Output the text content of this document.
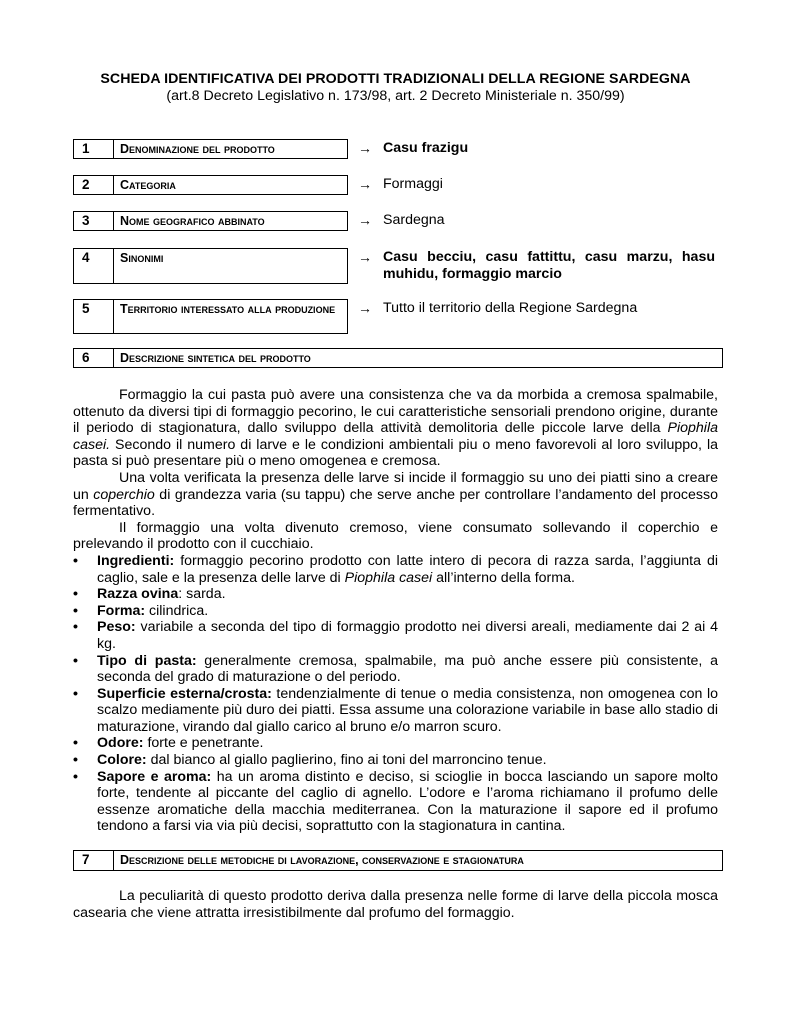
SCHEDA IDENTIFICATIVA DEI PRODOTTI TRADIZIONALI DELLA REGIONE SARDEGNA
(art.8 Decreto Legislativo n. 173/98, art. 2 Decreto Ministeriale n. 350/99)
1	Denominazione del prodotto	→ Casu frazigu
2	Categoria	→ Formaggi
3	Nome geografico abbinato	→ Sardegna
4	Sinonimi	→ Casu becciu, casu fattittu, casu marzu, hasu muhidu, formaggio marcio
5	Territorio interessato alla produzione	→ Tutto il territorio della Regione Sardegna
6	Descrizione sintetica del prodotto

Formaggio la cui pasta può avere una consistenza che va da morbida a cremosa spalmabile, ottenuto da diversi tipi di formaggio pecorino, le cui caratteristiche sensoriali prendono origine, durante il periodo di stagionatura, dallo sviluppo della attività demolitoria delle piccole larve della Piophila casei. Secondo il numero di larve e le condizioni ambientali piu o meno favorevoli al loro sviluppo, la pasta si può presentare più o meno omogenea e cremosa.

Una volta verificata la presenza delle larve si incide il formaggio su uno dei piatti sino a creare un coperchio di grandezza varia (su tappu) che serve anche per controllare l’andamento del processo fermentativo.

Il formaggio una volta divenuto cremoso, viene consumato sollevando il coperchio e prelevando il prodotto con il cucchiaio.

• Ingredienti: formaggio pecorino prodotto con latte intero di pecora di razza sarda, l’aggiunta di caglio, sale e la presenza delle larve di Piophila casei all’interno della forma.
• Razza ovina: sarda.
• Forma: cilindrica.
• Peso: variabile a seconda del tipo di formaggio prodotto nei diversi areali, mediamente dai 2 ai 4 kg.
• Tipo di pasta: generalmente cremosa, spalmabile, ma può anche essere più consistente, a seconda del grado di maturazione o del periodo.
• Superficie esterna/crosta: tendenzialmente di tenue o media consistenza, non omogenea con lo scalzo mediamente più duro dei piatti. Essa assume una colorazione variabile in base allo stadio di maturazione, virando dal giallo carico al bruno e/o marron scuro.
• Odore: forte e penetrante.
• Colore: dal bianco al giallo paglierino, fino ai toni del marroncino tenue.
• Sapore e aroma: ha un aroma distinto e deciso, si scioglie in bocca lasciando un sapore molto forte, tendente al piccante del caglio di agnello. L’odore e l’aroma richiamano il profumo delle essenze aromatiche della macchia mediterranea. Con la maturazione il sapore ed il profumo tendono a farsi via via più decisi, soprattutto con la stagionatura in cantina.
7	Descrizione delle metodiche di lavorazione, conservazione e stagionatura

La peculiarità di questo prodotto deriva dalla presenza nelle forme di larve della piccola mosca casearia che viene attratta irresistibilmente dal profumo del formaggio.
